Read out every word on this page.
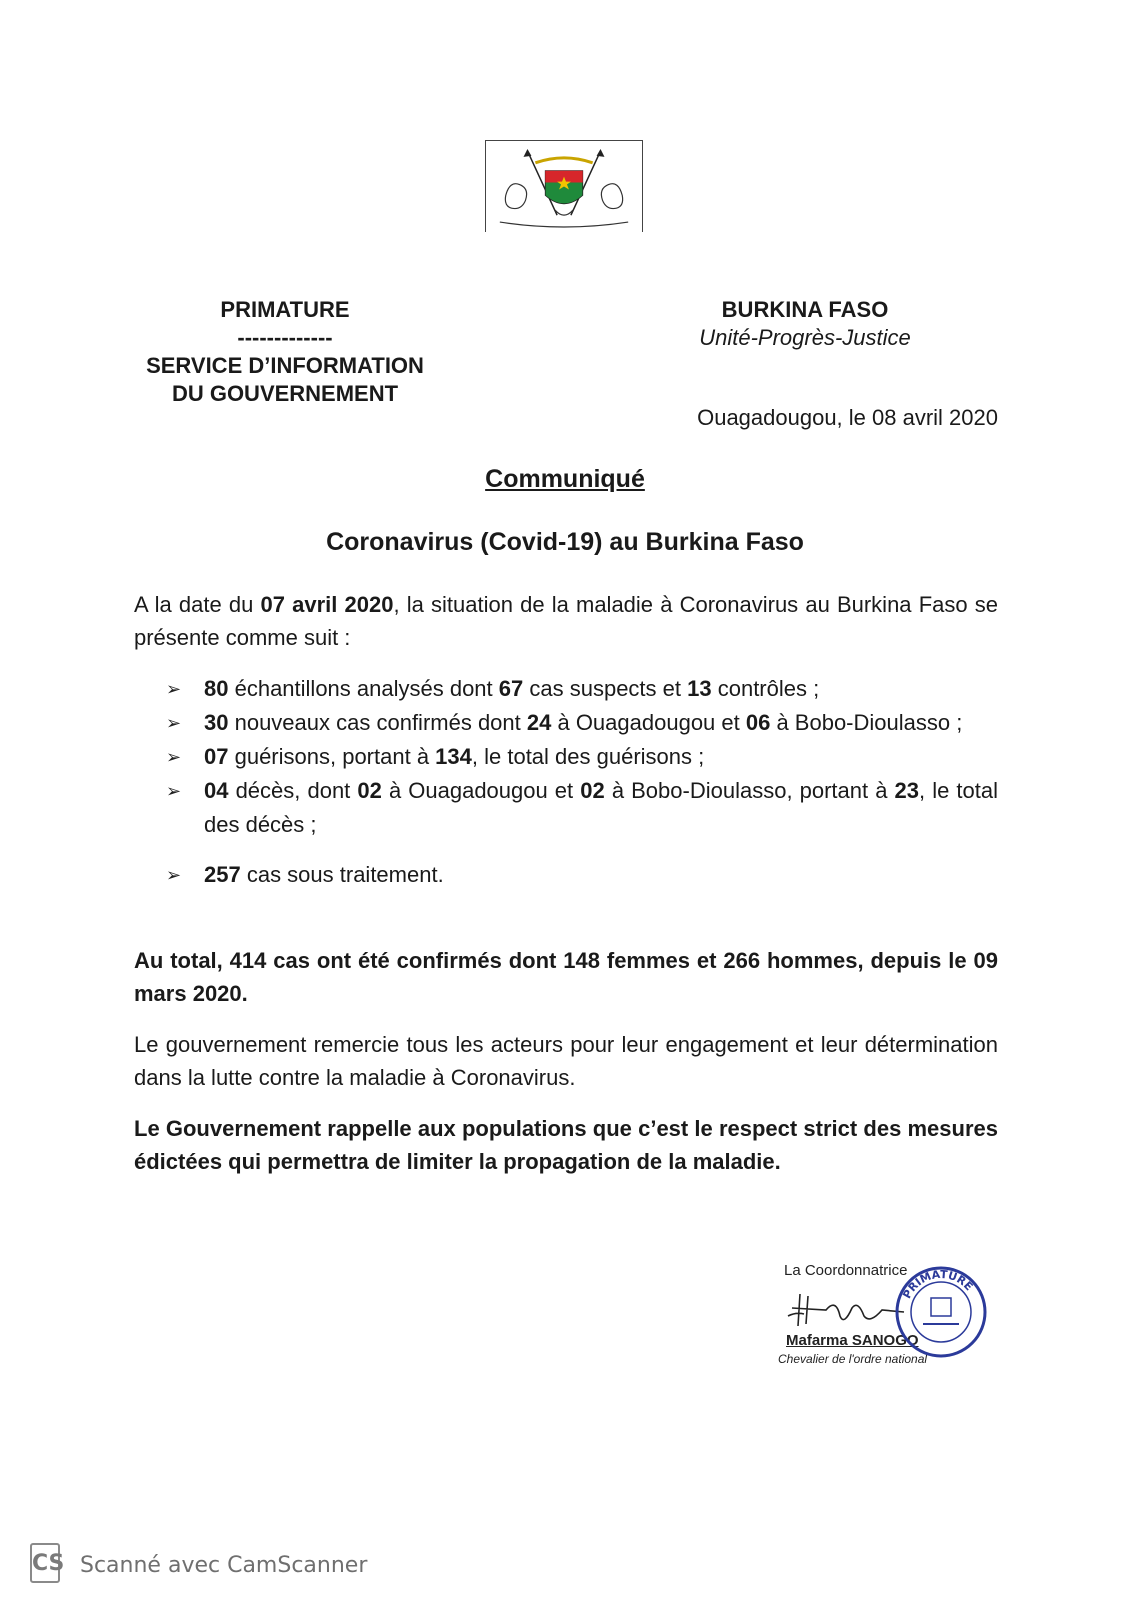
PRIMATURE
-------------
SERVICE D’INFORMATION
DU GOUVERNEMENT
BURKINA FASO
Unité-Progrès-Justice
Ouagadougou, le 08 avril 2020
Communiqué
Coronavirus (Covid-19) au Burkina Faso
A la date du 07 avril 2020, la situation de la maladie à Coronavirus au Burkina Faso se présente comme suit :
➢ 80 échantillons analysés dont 67 cas suspects et 13 contrôles ;
➢ 30 nouveaux cas confirmés dont 24 à Ouagadougou et 06 à Bobo-Dioulasso ;
➢ 07 guérisons, portant à 134, le total des guérisons ;
➢ 04 décès, dont 02 à Ouagadougou et 02 à Bobo-Dioulasso, portant à 23, le total des décès ;
➢ 257 cas sous traitement.
Au total, 414 cas ont été confirmés dont 148 femmes et 266 hommes, depuis le 09 mars 2020.
Le gouvernement remercie tous les acteurs pour leur engagement et leur détermination dans la lutte contre la maladie à Coronavirus.
Le Gouvernement rappelle aux populations que c’est le respect strict des mesures édictées qui permettra de limiter la propagation de la maladie.
La Coordonnatrice
Mafarma SANOGO
Chevalier de l'ordre national
PRIMATURE
CS Scanné avec CamScanner
